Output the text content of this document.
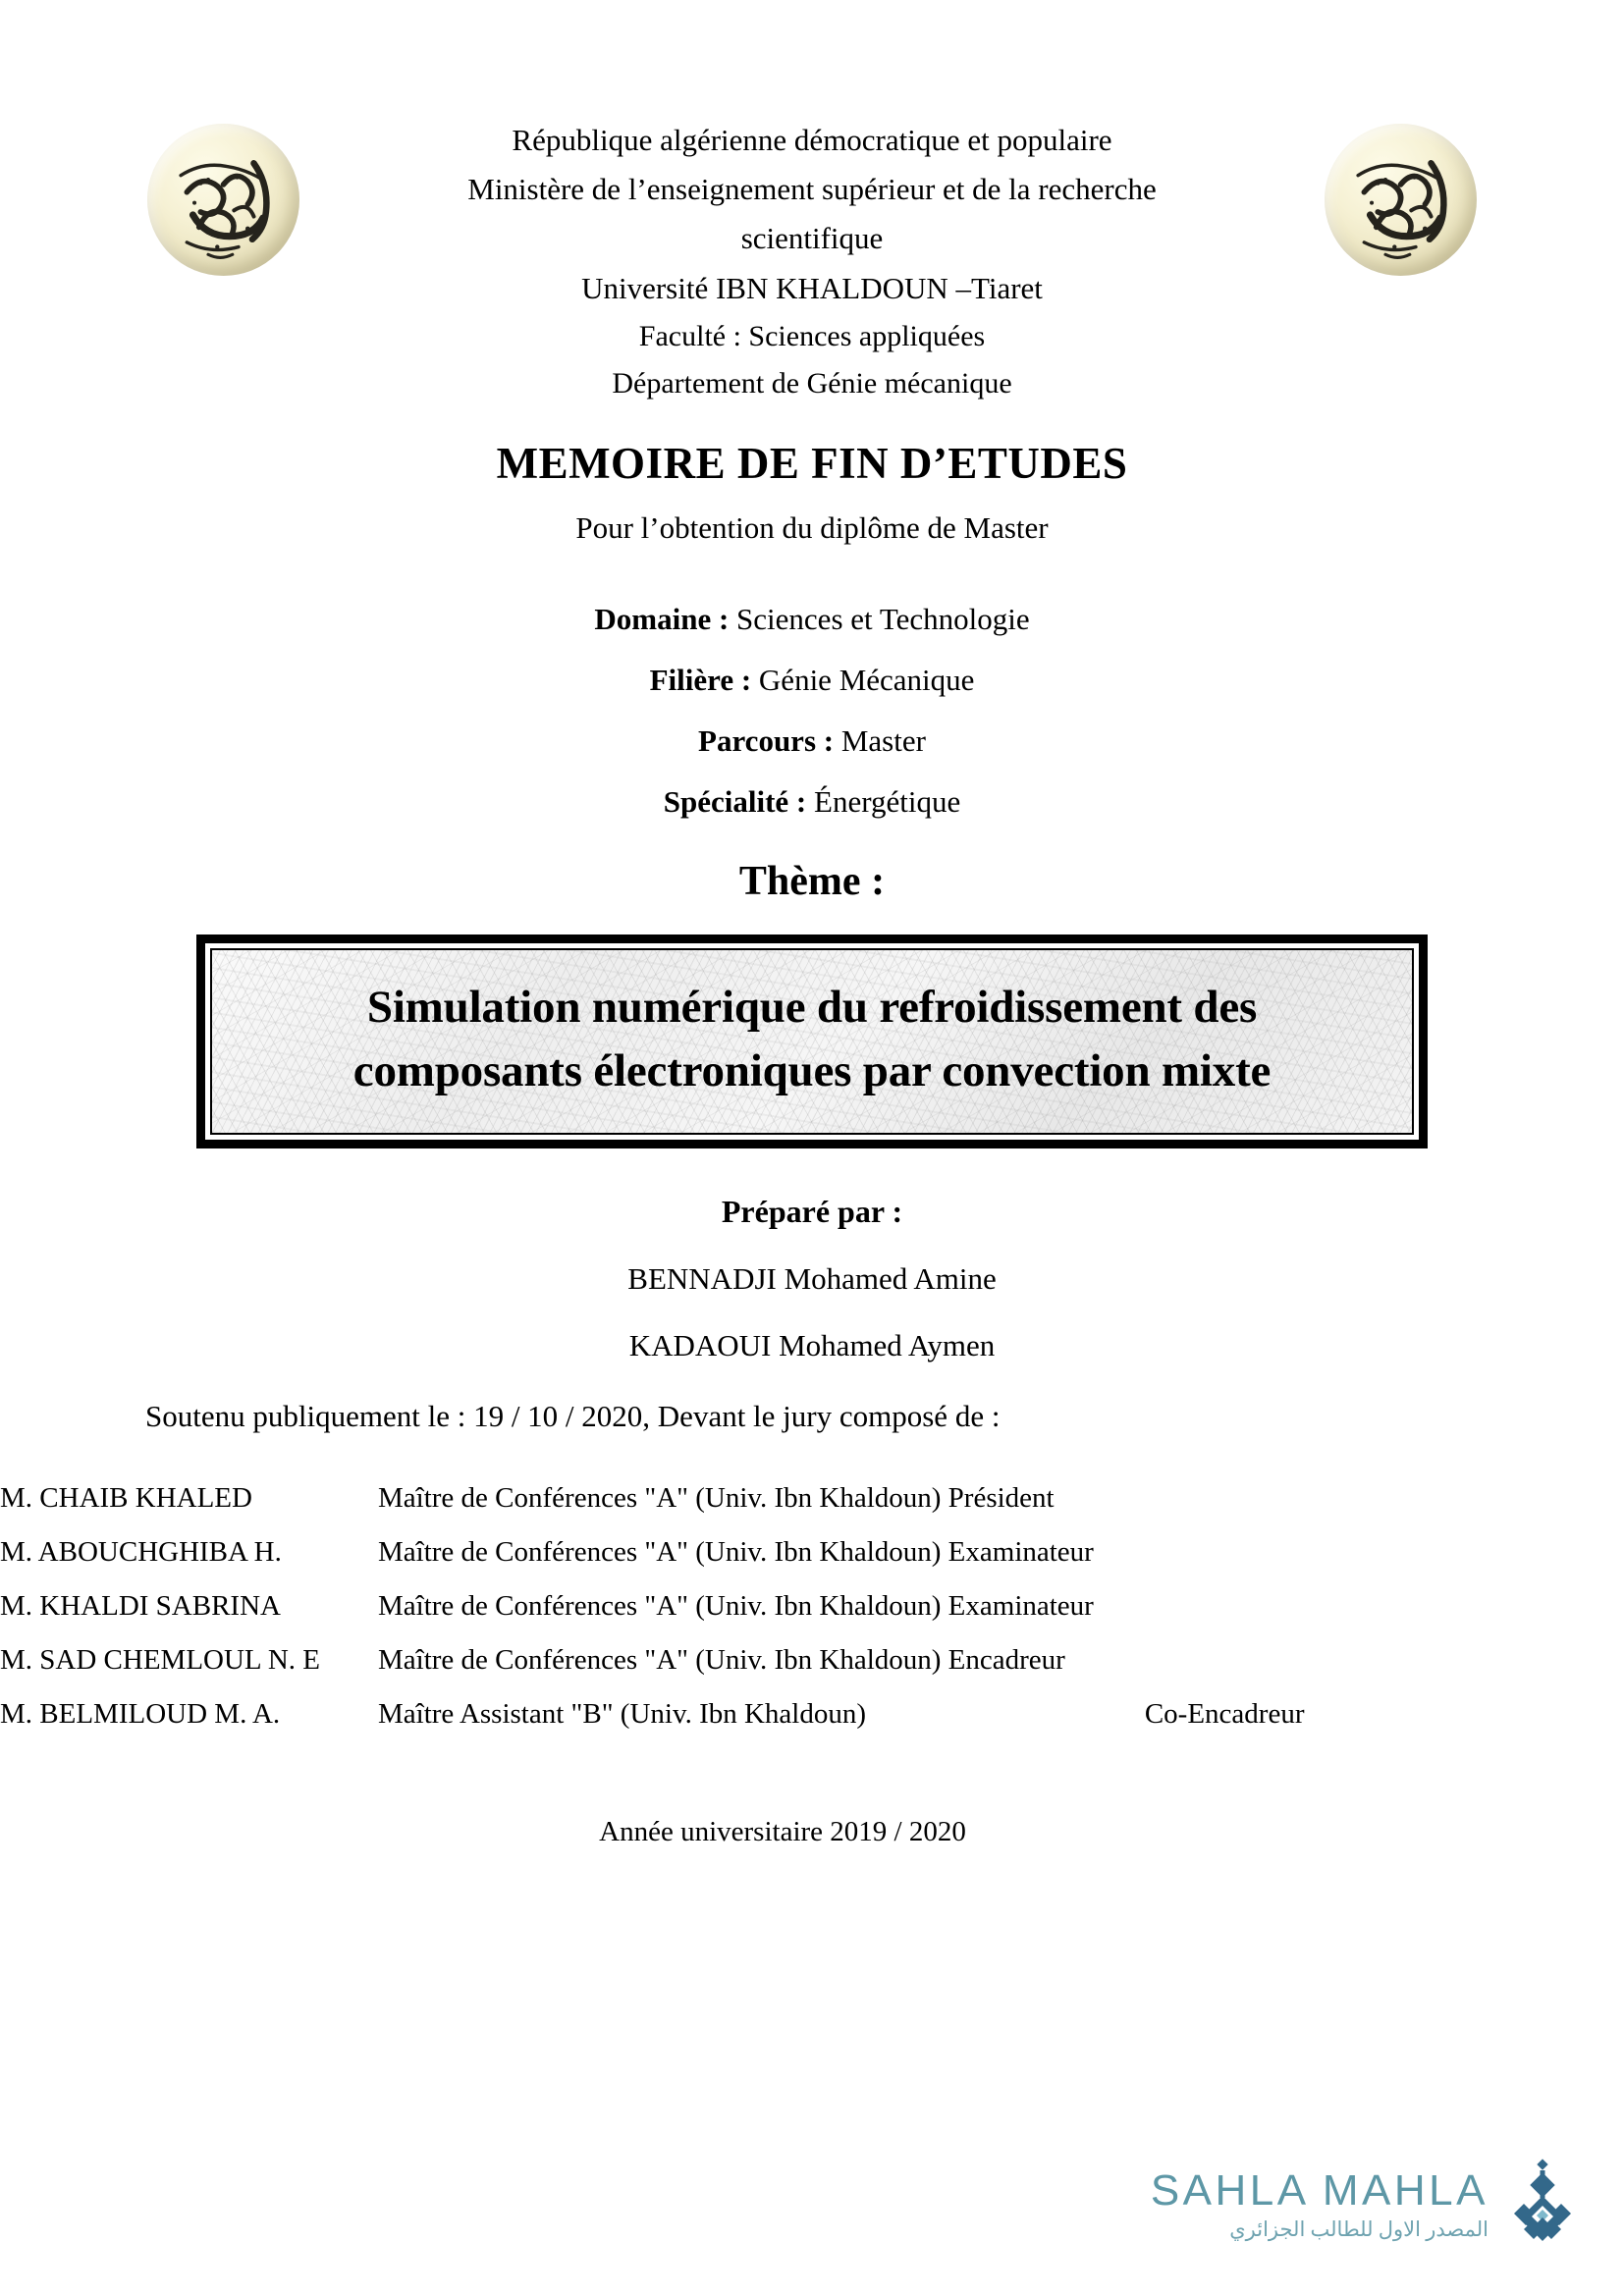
République algérienne démocratique et populaire
Ministère de l’enseignement supérieur et de la recherche
scientifique
Université IBN KHALDOUN –Tiaret
Faculté : Sciences appliquées
Département de Génie mécanique
MEMOIRE DE FIN D’ETUDES
Pour l’obtention du diplôme de Master
Domaine : Sciences et Technologie
Filière : Génie Mécanique
Parcours : Master
Spécialité : Énergétique
Thème :
Simulation numérique du refroidissement des
composants électroniques par convection mixte
Préparé par :
BENNADJI Mohamed Amine
KADAOUI Mohamed Aymen
Soutenu publiquement le : 19 / 10 / 2020, Devant le jury composé de :
M. CHAIB KHALED	Maître de Conférences "A" (Univ. Ibn Khaldoun) Président	
M. ABOUCHGHIBA H.	Maître de Conférences "A" (Univ. Ibn Khaldoun) Examinateur	
M. KHALDI SABRINA	Maître de Conférences "A" (Univ. Ibn Khaldoun) Examinateur	
M. SAD CHEMLOUL N. E	Maître de Conférences "A" (Univ. Ibn Khaldoun) Encadreur	
M. BELMILOUD M. A.	Maître Assistant "B" (Univ. Ibn Khaldoun)	Co-Encadreur
Année universitaire 2019 / 2020
SAHLA MAHLA
المصدر الاول للطالب الجزائري
